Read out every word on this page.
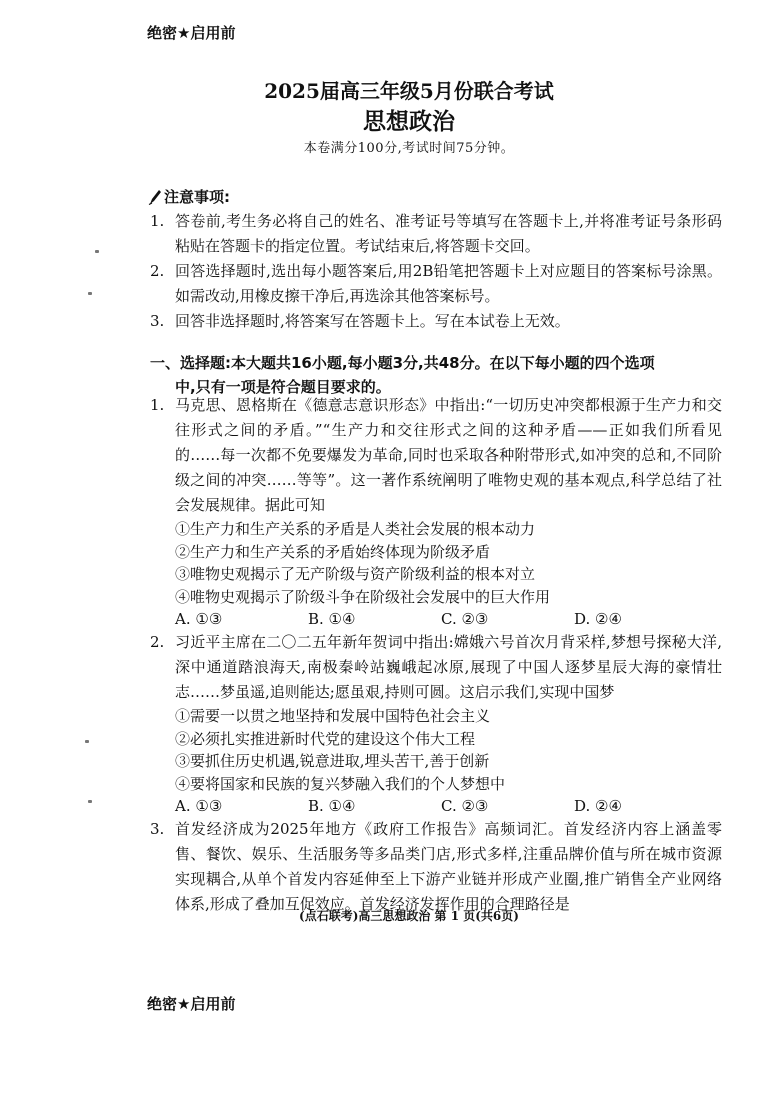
绝密★启用前
2025届高三年级5月份联合考试
思想政治
本卷满分100分,考试时间75分钟。
注意事项:
1. 答卷前,考生务必将自己的姓名、准考证号等填写在答题卡上,并将准考证号条形码粘贴在答题卡的指定位置。考试结束后,将答题卡交回。
2. 回答选择题时,选出每小题答案后,用2B铅笔把答题卡上对应题目的答案标号涂黑。如需改动,用橡皮擦干净后,再选涂其他答案标号。
3. 回答非选择题时,将答案写在答题卡上。写在本试卷上无效。
一、选择题:本大题共16小题,每小题3分,共48分。在以下每小题的四个选项
中,只有一项是符合题目要求的。
1. 马克思、恩格斯在《德意志意识形态》中指出:“一切历史冲突都根源于生产力和交往形式之间的矛盾。”“生产力和交往形式之间的这种矛盾——正如我们所看见的……每一次都不免要爆发为革命,同时也采取各种附带形式,如冲突的总和,不同阶级之间的冲突……等等”。这一著作系统阐明了唯物史观的基本观点,科学总结了社会发展规律。据此可知
①生产力和生产关系的矛盾是人类社会发展的根本动力
②生产力和生产关系的矛盾始终体现为阶级矛盾
③唯物史观揭示了无产阶级与资产阶级利益的根本对立
④唯物史观揭示了阶级斗争在阶级社会发展中的巨大作用
A. ①③	B. ①④	C. ②③	D. ②④
2. 习近平主席在二〇二五年新年贺词中指出:嫦娥六号首次月背采样,梦想号探秘大洋,深中通道踏浪海天,南极秦岭站巍峨起冰原,展现了中国人逐梦星辰大海的豪情壮志……梦虽遥,追则能达;愿虽艰,持则可圆。这启示我们,实现中国梦
①需要一以贯之地坚持和发展中国特色社会主义
②必须扎实推进新时代党的建设这个伟大工程
③要抓住历史机遇,锐意进取,埋头苦干,善于创新
④要将国家和民族的复兴梦融入我们的个人梦想中
A. ①③	B. ①④	C. ②③	D. ②④
3. 首发经济成为2025年地方《政府工作报告》高频词汇。首发经济内容上涵盖零售、餐饮、娱乐、生活服务等多品类门店,形式多样,注重品牌价值与所在城市资源实现耦合,从单个首发内容延伸至上下游产业链并形成产业圈,推广销售全产业网络体系,形成了叠加互促效应。首发经济发挥作用的合理路径是
(点石联考)高三思想政治 第 1 页(共6页)
绝密★启用前
